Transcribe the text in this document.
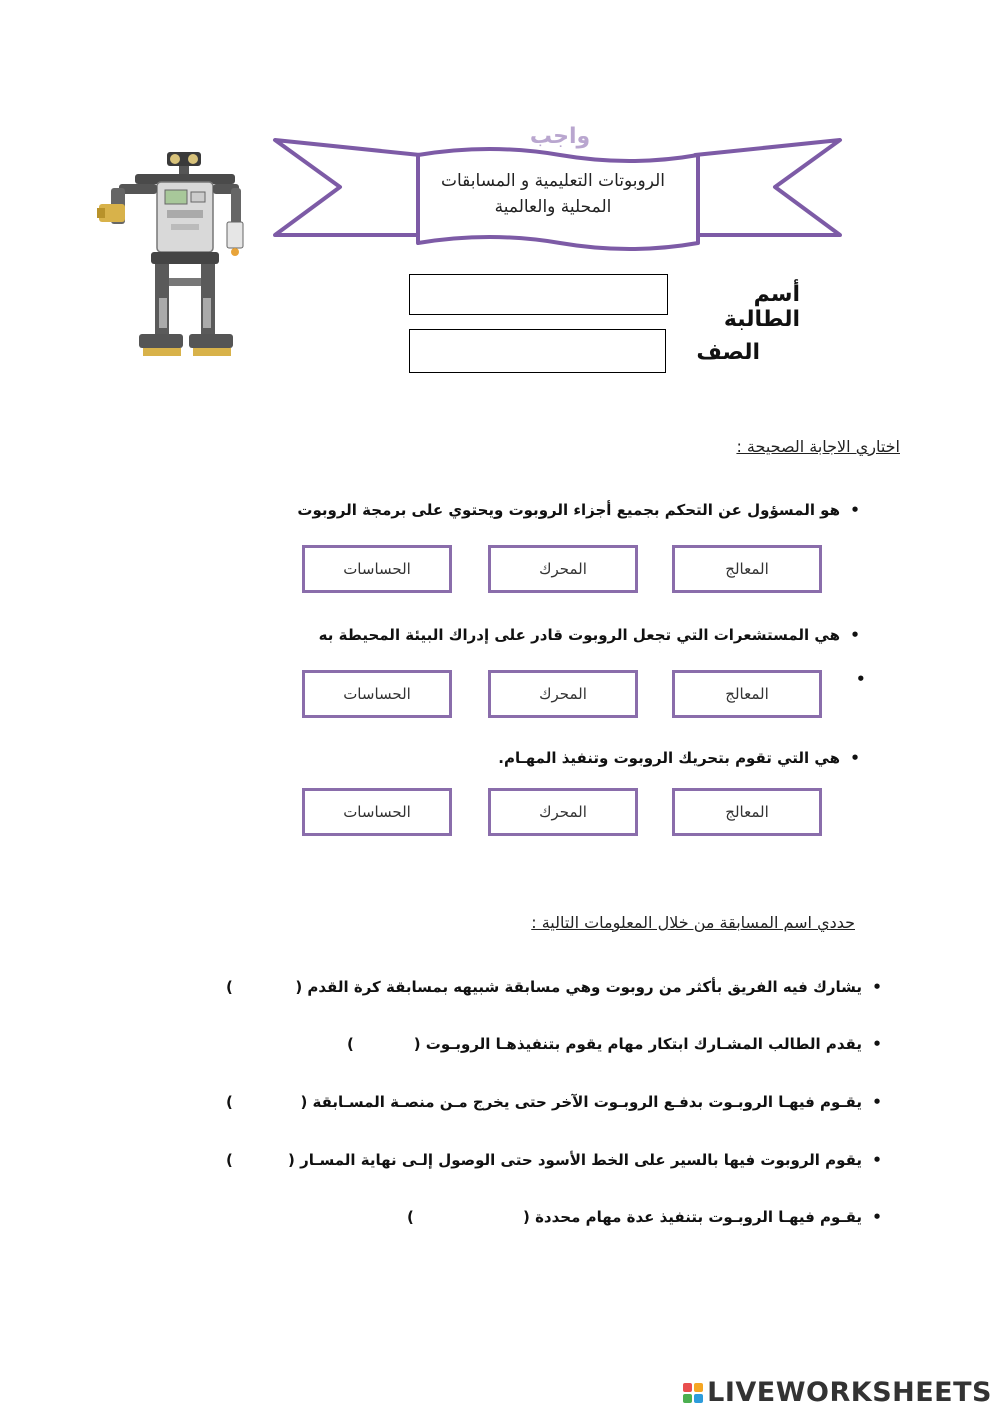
واجب
الروبوتات التعليمية و المسابقات المحلية والعالمية
أسم الطالبة
الصف
اختاري الاجابة الصحيحة :
•هو المسؤول عن التحكم بجميع أجزاء الروبوت ويحتوي على برمجة الروبوت
المعالج
المحرك
الحساسات
•هي المستشعرات التي تجعل الروبوت قادر على إدراك البيئة المحيطة به
•
المعالج
المحرك
الحساسات
•هي التي تقوم بتحريك الروبوت وتنفيذ المهـام.
المعالج
المحرك
الحساسات
حددي اسم المسابقة من خلال المعلومات التالية :
•يشارك فيه الفريق بأكثر من روبوت وهي مسابقة شبيهه بمسابقة كرة القدم (
)
•يقدم الطالب المشـارك ابتكار مهام يقوم بتنفيذهـا الروبـوت (
)
•يقـوم فيهـا الروبـوت بدفـع الروبـوت الآخر حتى يخرج مـن منصـة المسـابقة (
)
•يقوم الروبوت فيها بالسير على الخط الأسود حتى الوصول إلـى نهاية المسـار (
)
•يقـوم فيهـا الروبـوت بتنفيذ عدة مهام محددة (
)
LIVEWORKSHEETS
